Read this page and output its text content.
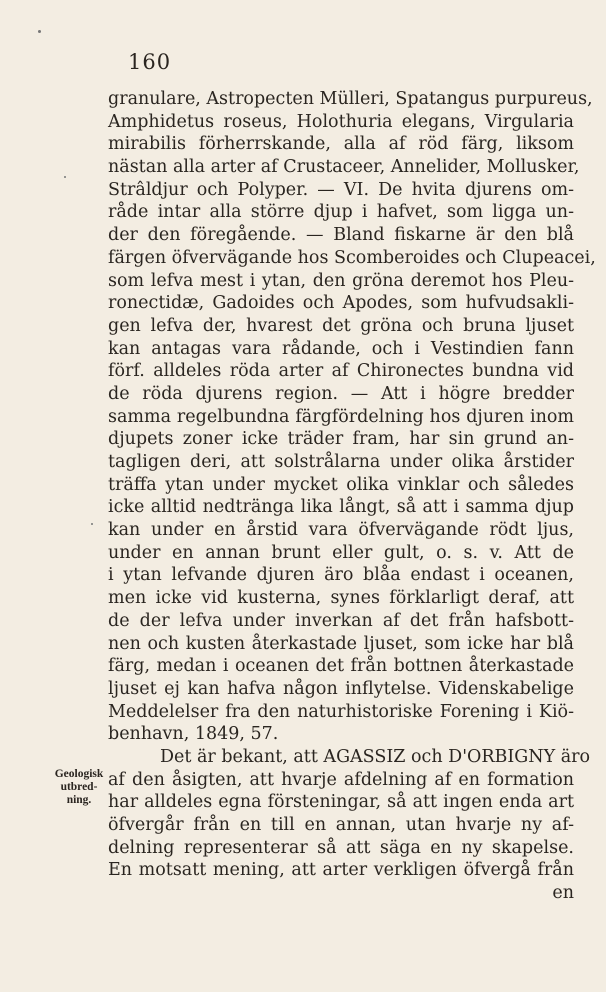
160
Geologisk
utbred-
ning.
granulare, Astropecten Mülleri, Spatangus purpureus,
Amphidetus roseus, Holothuria elegans, Virgularia
mirabilis förherrskande, alla af röd färg, liksom
nästan alla arter af Crustaceer, Annelider, Mollusker,
Strâldjur och Polyper. — VI. De hvita djurens om-
råde intar alla större djup i hafvet, som ligga un-
der den föregående. — Bland fiskarne är den blå
färgen öfvervägande hos Scomberoides och Clupeacei,
som lefva mest i ytan, den gröna deremot hos Pleu-
ronectidæ, Gadoides och Apodes, som hufvudsakli-
gen lefva der, hvarest det gröna och bruna ljuset
kan antagas vara rådande, och i Vestindien fann
förf. alldeles röda arter af Chironectes bundna vid
de röda djurens region. — Att i högre bredder
samma regelbundna färgfördelning hos djuren inom
djupets zoner icke träder fram, har sin grund an-
tagligen deri, att solstrålarna under olika årstider
träffa ytan under mycket olika vinklar och således
icke alltid nedtränga lika långt, så att i samma djup
kan under en årstid vara öfvervägande rödt ljus,
under en annan brunt eller gult, o. s. v. Att de
i ytan lefvande djuren äro blåa endast i oceanen,
men icke vid kusterna, synes förklarligt deraf, att
de der lefva under inverkan af det från hafsbott-
nen och kusten återkastade ljuset, som icke har blå
färg, medan i oceanen det från bottnen återkastade
ljuset ej kan hafva någon inflytelse. Videnskabelige
Meddelelser fra den naturhistoriske Forening i Kiö-
benhavn, 1849, 57.
Det är bekant, att AGASSIZ och D'ORBIGNY äro
af den åsigten, att hvarje afdelning af en formation
har alldeles egna försteningar, så att ingen enda art
öfvergår från en till en annan, utan hvarje ny af-
delning representerar så att säga en ny skapelse.
En motsatt mening, att arter verkligen öfvergå från
en
